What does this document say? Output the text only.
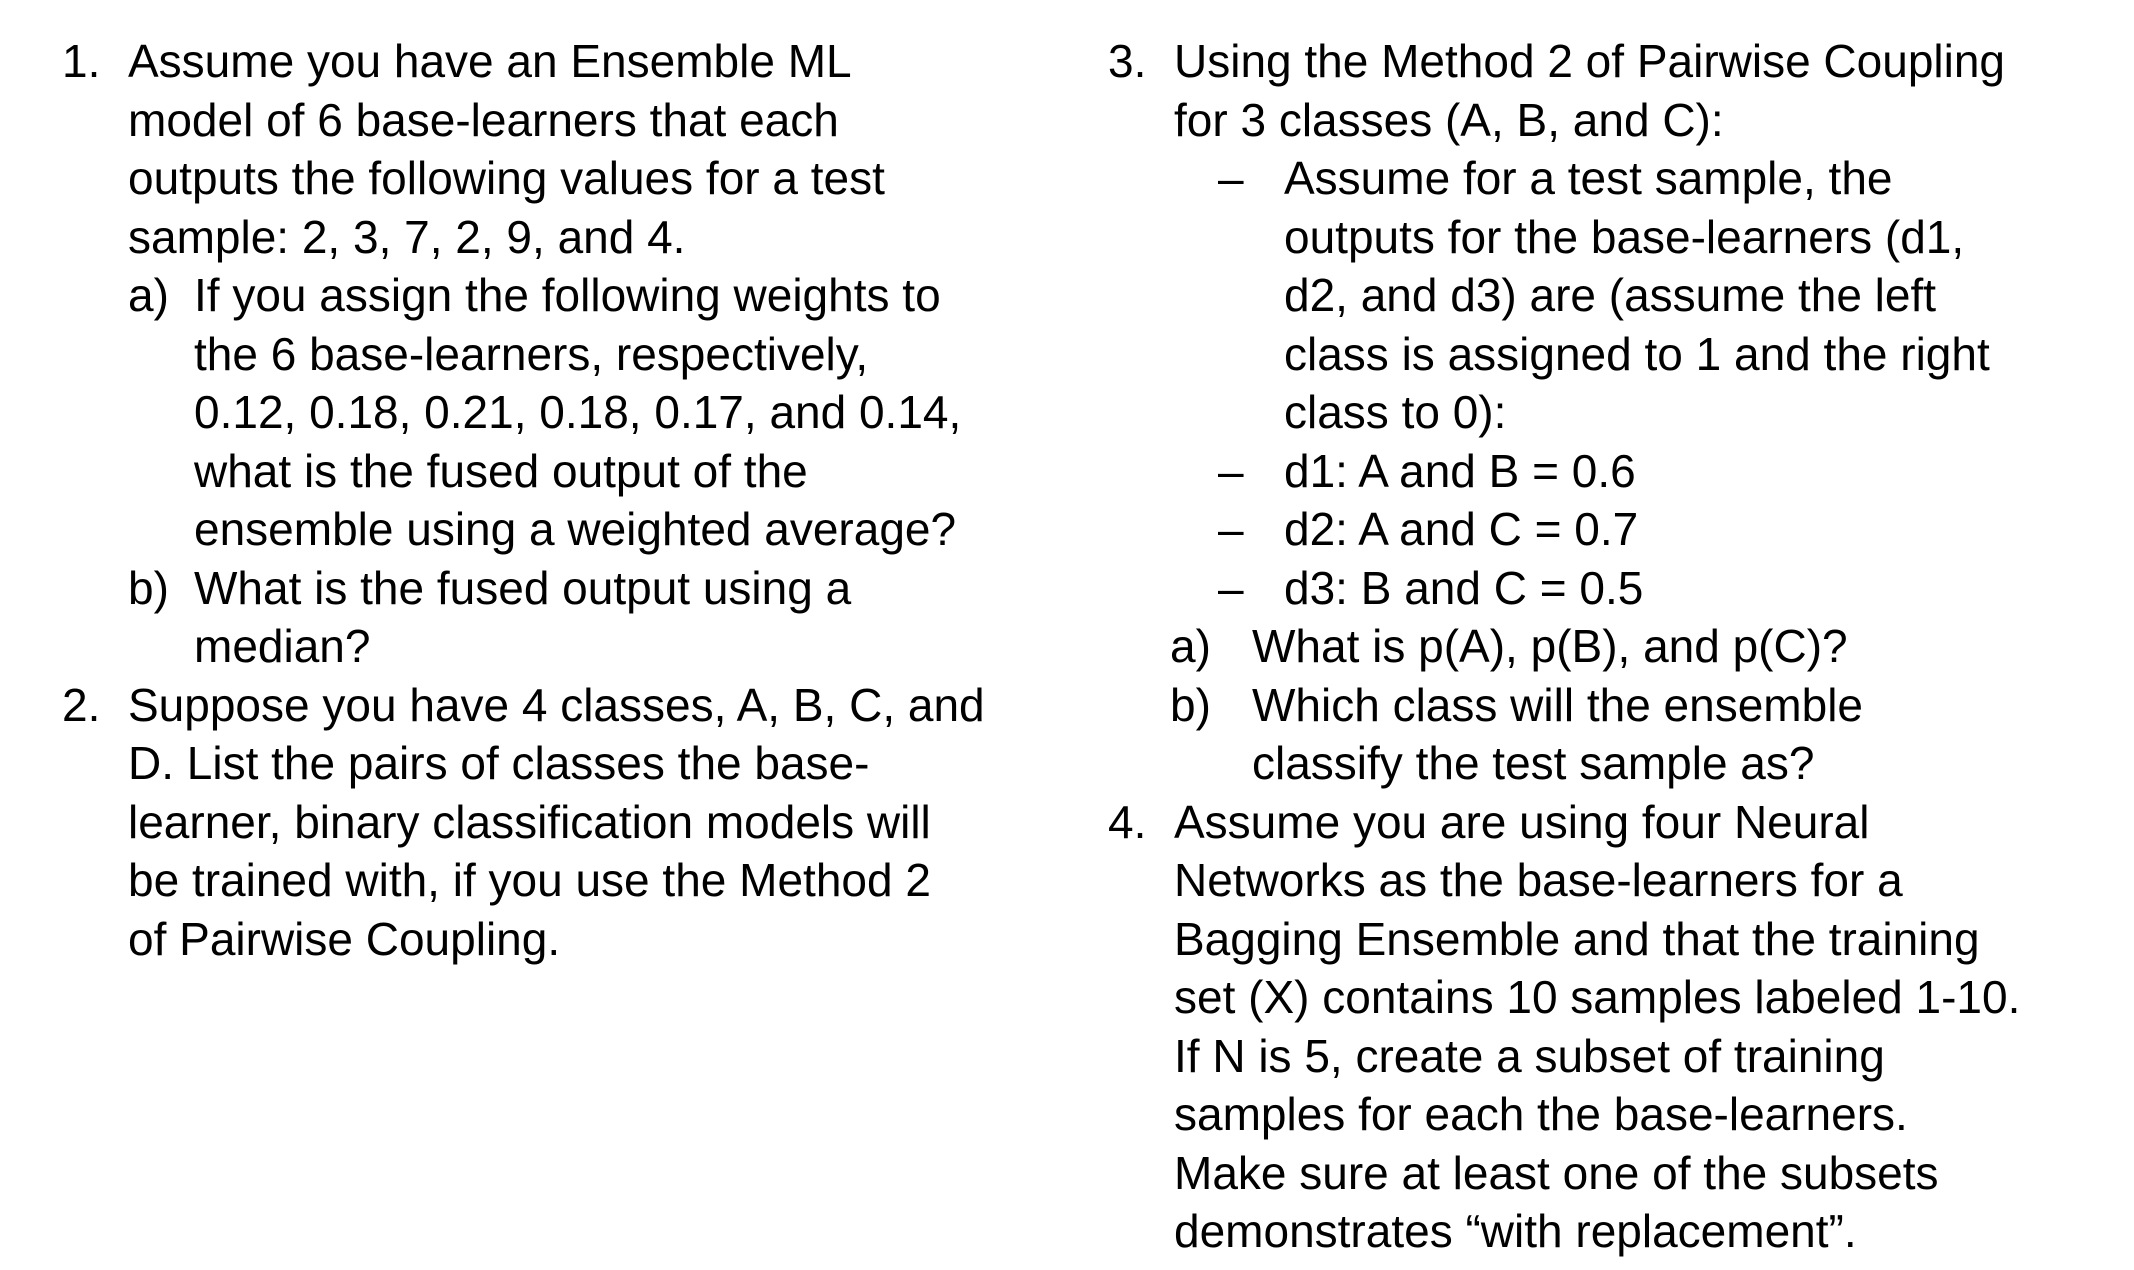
1. Assume you have an Ensemble ML
model of 6 base-learners that each
outputs the following values for a test
sample: 2, 3, 7, 2, 9, and 4.
a) If you assign the following weights to
the 6 base-learners, respectively,
0.12, 0.18, 0.21, 0.18, 0.17, and 0.14,
what is the fused output of the
ensemble using a weighted average?
b) What is the fused output using a
median?
2. Suppose you have 4 classes, A, B, C, and
D. List the pairs of classes the base-
learner, binary classification models will
be trained with, if you use the Method 2
of Pairwise Coupling.
3. Using the Method 2 of Pairwise Coupling
for 3 classes (A, B, and C):
– Assume for a test sample, the
outputs for the base-learners (d1,
d2, and d3) are (assume the left
class is assigned to 1 and the right
class to 0):
– d1: A and B = 0.6
– d2: A and C = 0.7
– d3: B and C = 0.5
a) What is p(A), p(B), and p(C)?
b) Which class will the ensemble
classify the test sample as?
4. Assume you are using four Neural
Networks as the base-learners for a
Bagging Ensemble and that the training
set (X) contains 10 samples labeled 1-10.
If N is 5, create a subset of training
samples for each the base-learners.
Make sure at least one of the subsets
demonstrates “with replacement”.
